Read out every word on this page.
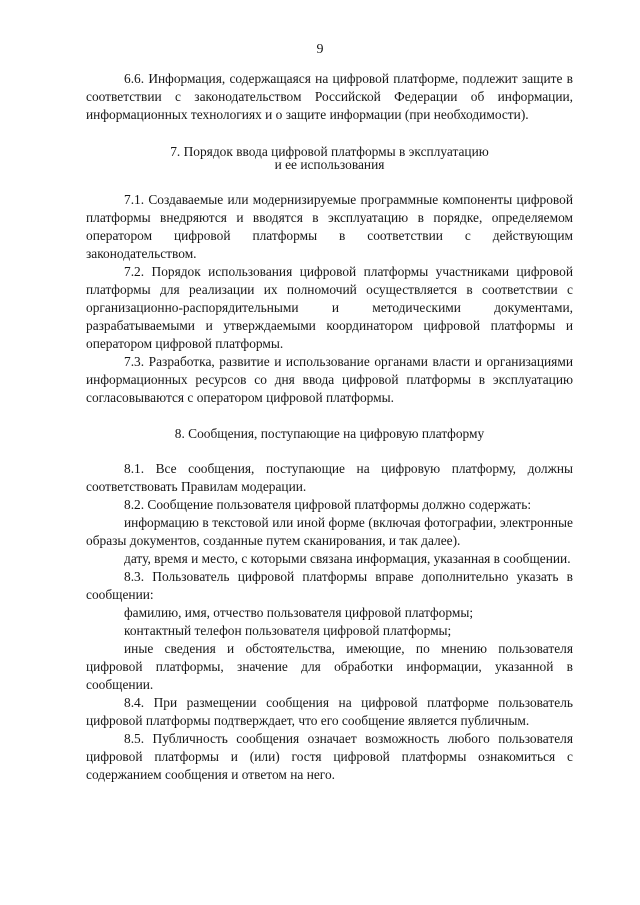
9

6.6. Информация, содержащаяся на цифровой платформе, подлежит защите в соответствии с законодательством Российской Федерации об информации, информационных технологиях и о защите информации (при необходимости).

7. Порядок ввода цифровой платформы в эксплуатацию
и ее использования

7.1. Создаваемые или модернизируемые программные компоненты цифровой платформы внедряются и вводятся в эксплуатацию в порядке, определяемом оператором цифровой платформы в соответствии с действующим законодательством.

7.2. Порядок использования цифровой платформы участниками цифровой платформы для реализации их полномочий осуществляется в соответствии с организационно-распорядительными и методическими документами, разрабатываемыми и утверждаемыми координатором цифровой платформы и оператором цифровой платформы.

7.3. Разработка, развитие и использование органами власти и организациями информационных ресурсов со дня ввода цифровой платформы в эксплуатацию согласовываются с оператором цифровой платформы.

8. Сообщения, поступающие на цифровую платформу

8.1. Все сообщения, поступающие на цифровую платформу, должны соответствовать Правилам модерации.

8.2. Сообщение пользователя цифровой платформы должно содержать:

информацию в текстовой или иной форме (включая фотографии, электронные образы документов, созданные путем сканирования, и так далее).

дату, время и место, с которыми связана информация, указанная в сообщении.

8.3. Пользователь цифровой платформы вправе дополнительно указать в сообщении:

фамилию, имя, отчество пользователя цифровой платформы;

контактный телефон пользователя цифровой платформы;

иные сведения и обстоятельства, имеющие, по мнению пользователя цифровой платформы, значение для обработки информации, указанной в сообщении.

8.4. При размещении сообщения на цифровой платформе пользователь цифровой платформы подтверждает, что его сообщение является публичным.

8.5. Публичность сообщения означает возможность любого пользователя цифровой платформы и (или) гостя цифровой платформы ознакомиться с содержанием сообщения и ответом на него.
